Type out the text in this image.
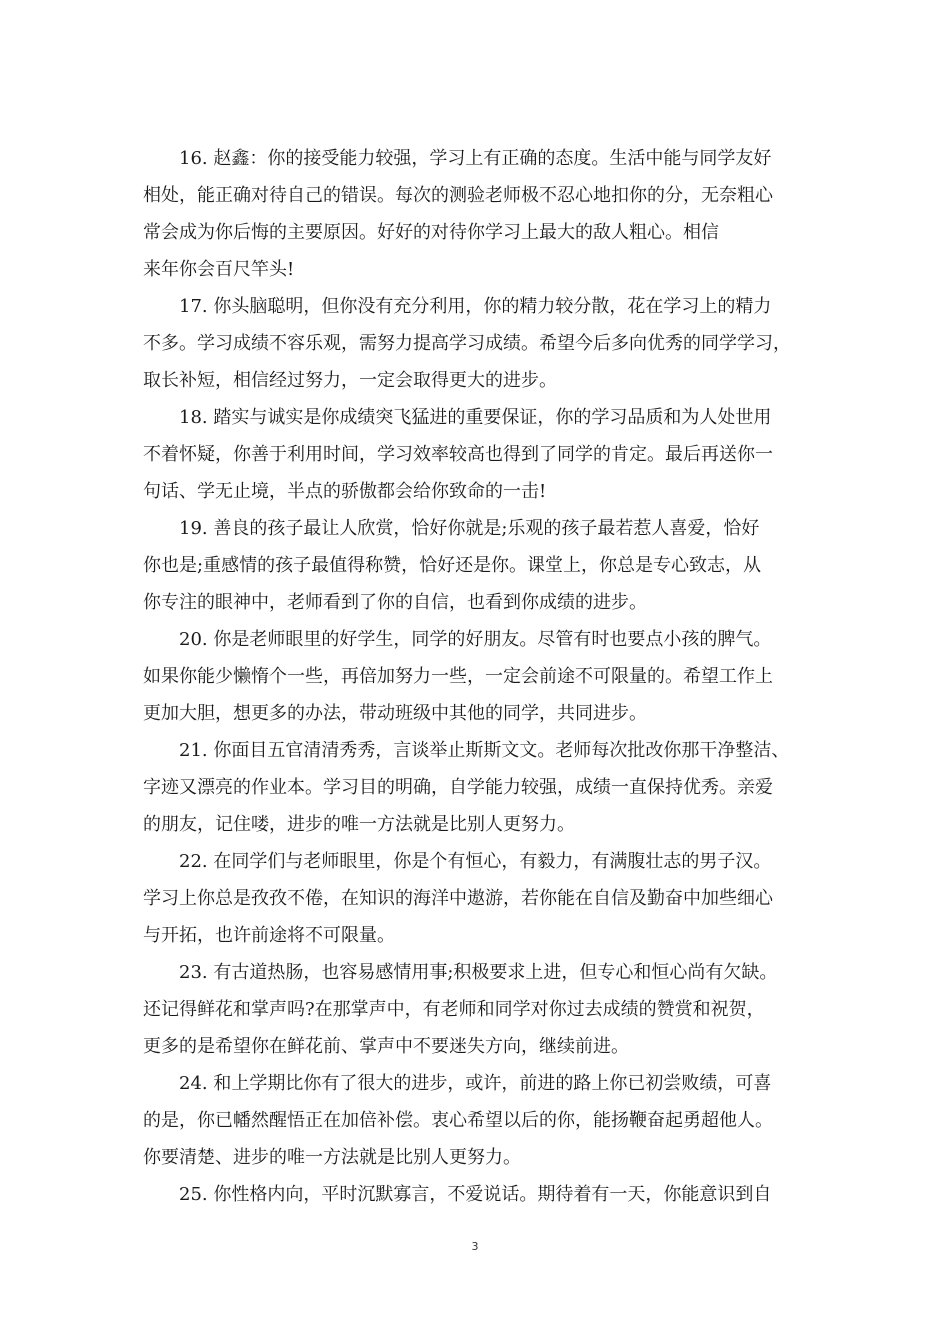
16. 赵鑫：你的接受能力较强，学习上有正确的态度。生活中能与同学友好
相处，能正确对待自己的错误。每次的测验老师极不忍心地扣你的分，无奈粗心
常会成为你后悔的主要原因。好好的对待你学习上最大的敌人粗心。相信
来年你会百尺竿头!

17. 你头脑聪明，但你没有充分利用，你的精力较分散，花在学习上的精力
不多。学习成绩不容乐观，需努力提高学习成绩。希望今后多向优秀的同学学习，
取长补短，相信经过努力，一定会取得更大的进步。

18. 踏实与诚实是你成绩突飞猛进的重要保证，你的学习品质和为人处世用
不着怀疑，你善于利用时间，学习效率较高也得到了同学的肯定。最后再送你一
句话、学无止境，半点的骄傲都会给你致命的一击!

19. 善良的孩子最让人欣赏，恰好你就是;乐观的孩子最若惹人喜爱，恰好
你也是;重感情的孩子最值得称赞，恰好还是你。课堂上，你总是专心致志，从
你专注的眼神中，老师看到了你的自信，也看到你成绩的进步。

20. 你是老师眼里的好学生，同学的好朋友。尽管有时也要点小孩的脾气。
如果你能少懒惰个一些，再倍加努力一些，一定会前途不可限量的。希望工作上
更加大胆，想更多的办法，带动班级中其他的同学，共同进步。

21. 你面目五官清清秀秀，言谈举止斯斯文文。老师每次批改你那干净整洁、
字迹又漂亮的作业本。学习目的明确，自学能力较强，成绩一直保持优秀。亲爱
的朋友，记住喽，进步的唯一方法就是比别人更努力。

22. 在同学们与老师眼里，你是个有恒心，有毅力，有满腹壮志的男子汉。
学习上你总是孜孜不倦，在知识的海洋中遨游，若你能在自信及勤奋中加些细心
与开拓，也许前途将不可限量。

23. 有古道热肠，也容易感情用事;积极要求上进，但专心和恒心尚有欠缺。
还记得鲜花和掌声吗?在那掌声中，有老师和同学对你过去成绩的赞赏和祝贺，
更多的是希望你在鲜花前、掌声中不要迷失方向，继续前进。

24. 和上学期比你有了很大的进步，或许，前进的路上你已初尝败绩，可喜
的是，你已幡然醒悟正在加倍补偿。衷心希望以后的你，能扬鞭奋起勇超他人。
你要清楚、进步的唯一方法就是比别人更努力。

25. 你性格内向，平时沉默寡言，不爱说话。期待着有一天，你能意识到自

3
